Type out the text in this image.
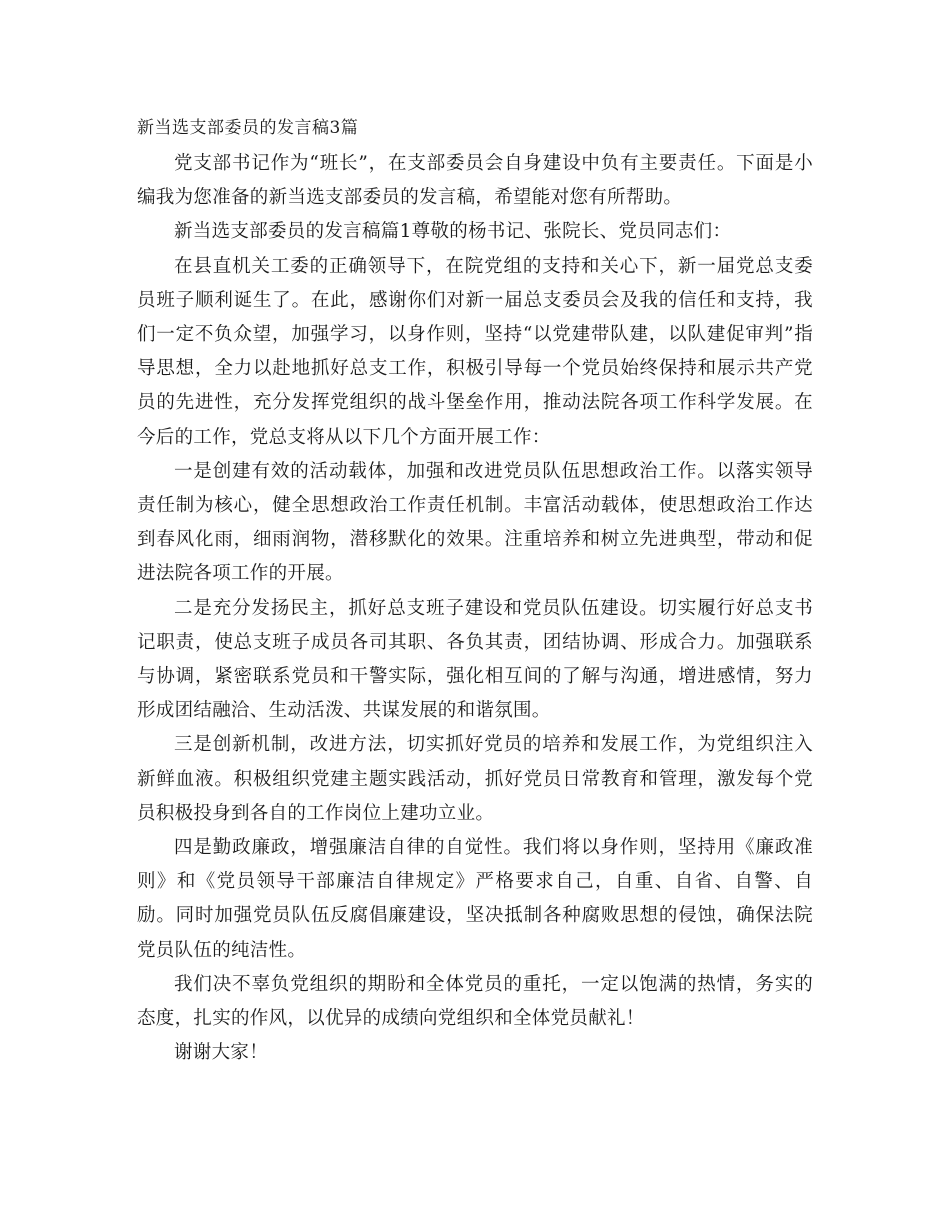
新当选支部委员的发言稿3篇

党支部书记作为“班长”，在支部委员会自身建设中负有主要责任。下面是小编我为您准备的新当选支部委员的发言稿，希望能对您有所帮助。

新当选支部委员的发言稿篇1尊敬的杨书记、张院长、党员同志们：

在县直机关工委的正确领导下，在院党组的支持和关心下，新一届党总支委员班子顺利诞生了。在此，感谢你们对新一届总支委员会及我的信任和支持，我们一定不负众望，加强学习，以身作则，坚持“以党建带队建，以队建促审判”指导思想，全力以赴地抓好总支工作，积极引导每一个党员始终保持和展示共产党员的先进性，充分发挥党组织的战斗堡垒作用，推动法院各项工作科学发展。在今后的工作，党总支将从以下几个方面开展工作：

一是创建有效的活动载体，加强和改进党员队伍思想政治工作。以落实领导责任制为核心，健全思想政治工作责任机制。丰富活动载体，使思想政治工作达到春风化雨，细雨润物，潜移默化的效果。注重培养和树立先进典型，带动和促进法院各项工作的开展。

二是充分发扬民主，抓好总支班子建设和党员队伍建设。切实履行好总支书记职责，使总支班子成员各司其职、各负其责，团结协调、形成合力。加强联系与协调，紧密联系党员和干警实际，强化相互间的了解与沟通，增进感情，努力形成团结融洽、生动活泼、共谋发展的和谐氛围。

三是创新机制，改进方法，切实抓好党员的培养和发展工作，为党组织注入新鲜血液。积极组织党建主题实践活动，抓好党员日常教育和管理，激发每个党员积极投身到各自的工作岗位上建功立业。

四是勤政廉政，增强廉洁自律的自觉性。我们将以身作则，坚持用《廉政准则》和《党员领导干部廉洁自律规定》严格要求自己，自重、自省、自警、自励。同时加强党员队伍反腐倡廉建设，坚决抵制各种腐败思想的侵蚀，确保法院党员队伍的纯洁性。

我们决不辜负党组织的期盼和全体党员的重托，一定以饱满的热情，务实的态度，扎实的作风，以优异的成绩向党组织和全体党员献礼！

谢谢大家！
